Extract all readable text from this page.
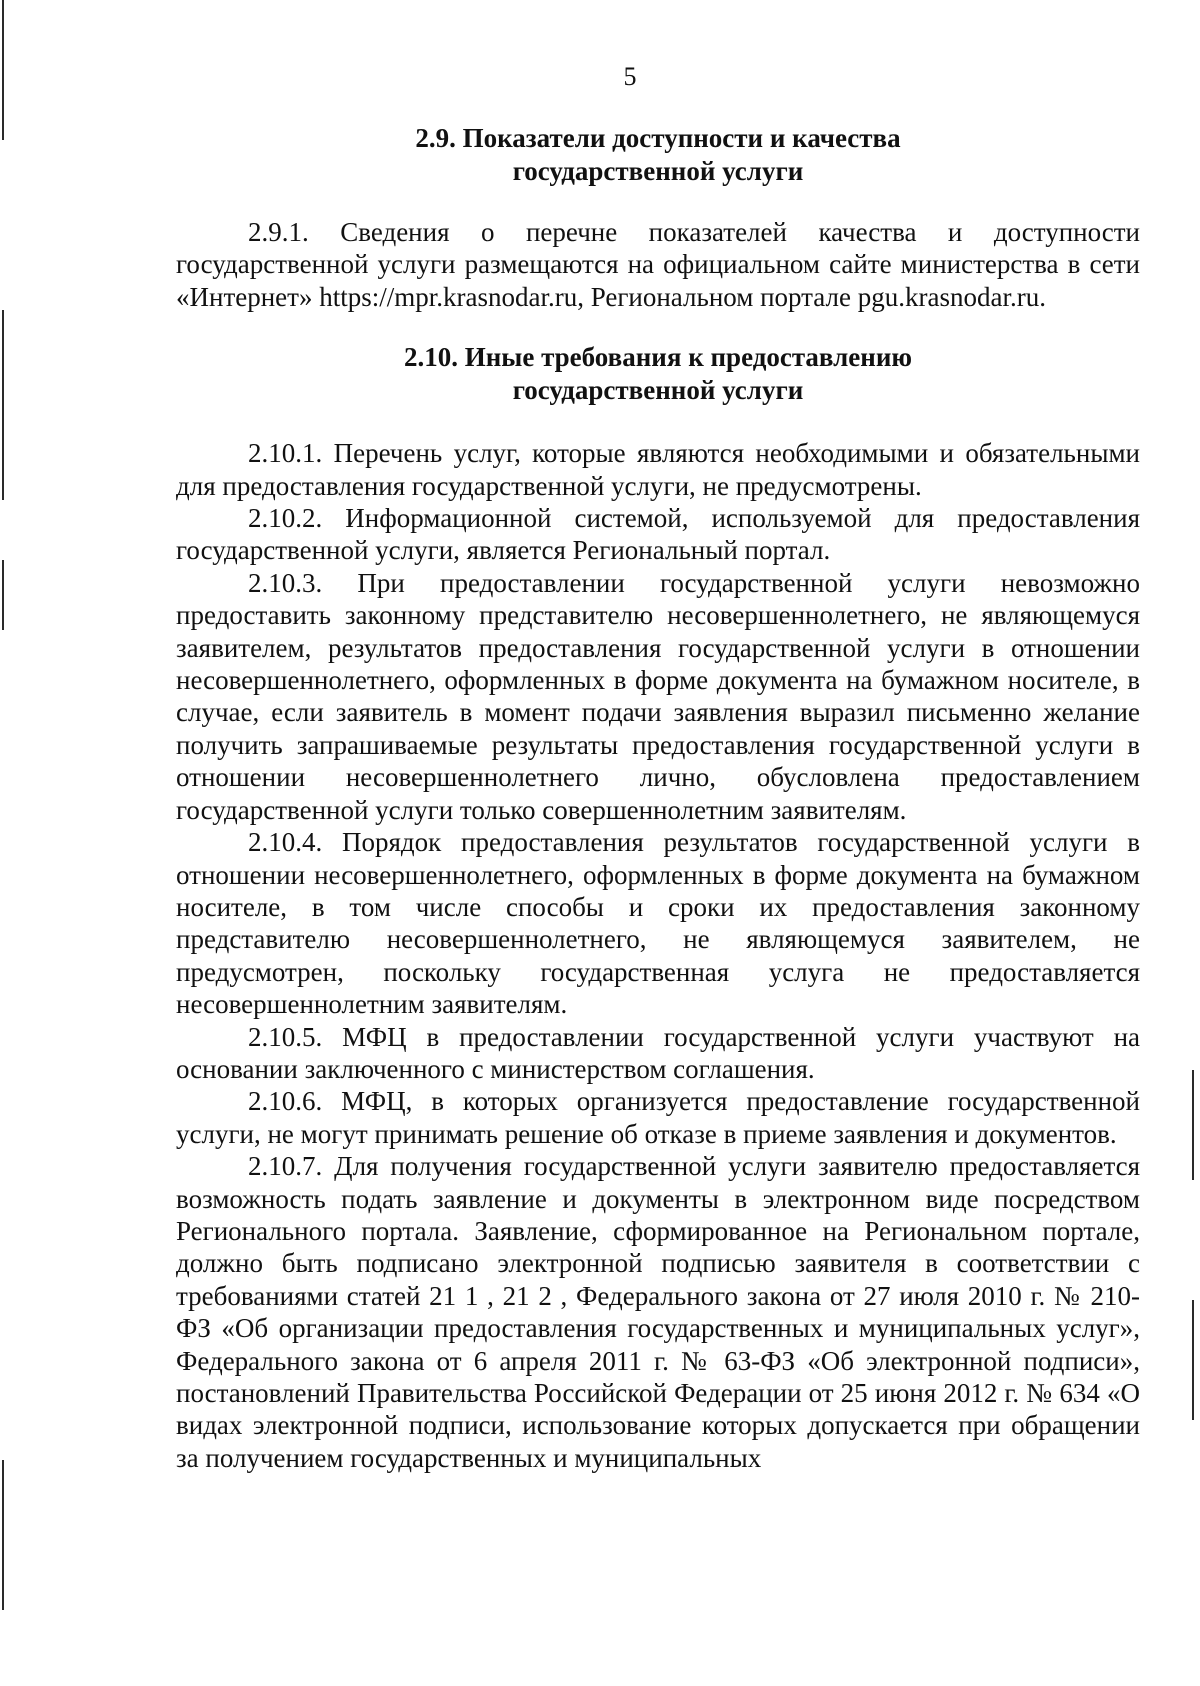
5
2.9. Показатели доступности и качества
государственной услуги

2.9.1. Сведения о перечне показателей качества и доступности государственной услуги размещаются на официальном сайте министерства в сети «Интернет» https://mpr.krasnodar.ru, Региональном портале pgu.krasnodar.ru.

2.10. Иные требования к предоставлению
государственной услуги

2.10.1. Перечень услуг, которые являются необходимыми и обязательными для предоставления государственной услуги, не предусмотрены.

2.10.2. Информационной системой, используемой для предоставления государственной услуги, является Региональный портал.

2.10.3. При предоставлении государственной услуги невозможно предоставить законному представителю несовершеннолетнего, не являющемуся заявителем, результатов предоставления государственной услуги в отношении несовершеннолетнего, оформленных в форме документа на бумажном носителе, в случае, если заявитель в момент подачи заявления выразил письменно желание получить запрашиваемые результаты предоставления государственной услуги в отношении несовершеннолетнего лично, обусловлена предоставлением государственной услуги только совершеннолетним заявителям.

2.10.4. Порядок предоставления результатов государственной услуги в отношении несовершеннолетнего, оформленных в форме документа на бумажном носителе, в том числе способы и сроки их предоставления законному представителю несовершеннолетнего, не являющемуся заявителем, не предусмотрен, поскольку государственная услуга не предоставляется несовершеннолетним заявителям.

2.10.5. МФЦ в предоставлении государственной услуги участвуют на основании заключенного с министерством соглашения.

2.10.6. МФЦ, в которых организуется предоставление государственной услуги, не могут принимать решение об отказе в приеме заявления и документов.

2.10.7. Для получения государственной услуги заявителю предоставляется возможность подать заявление и документы в электронном виде посредством Регионального портала. Заявление, сформированное на Региональном портале, должно быть подписано электронной подписью заявителя в соответствии с требованиями статей 21 1 , 21 2 , Федерального закона от 27 июля 2010 г. № 210-ФЗ «Об организации предоставления государственных и муниципальных услуг», Федерального закона от 6 апреля 2011 г. № 63-ФЗ «Об электронной подписи», постановлений Правительства Российской Федерации от 25 июня 2012 г. № 634 «О видах электронной подписи, использование которых допускается при обращении за получением государственных и муниципальных
